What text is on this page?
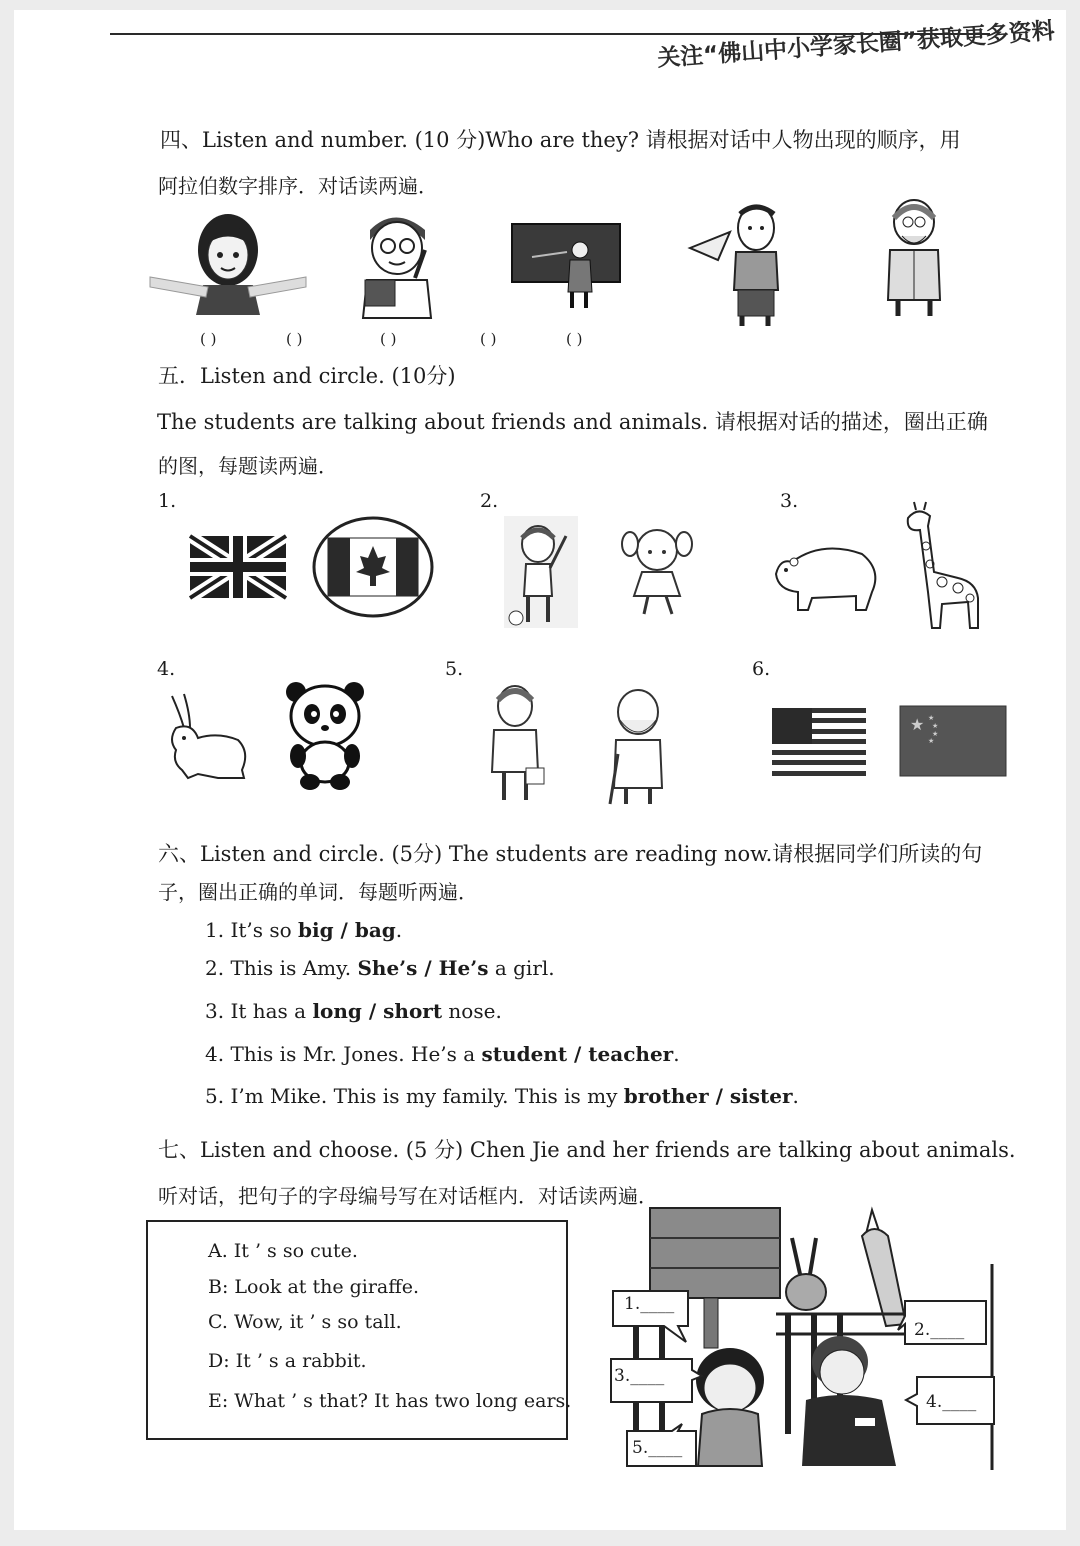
关注“佛山中小学家长圈”获取更多资料
四、Listen and number. (10 分)Who are they? 请根据对话中人物出现的顺序，用
阿拉伯数字排序．对话读两遍．
( )	( )	( )	( )	( )
五．Listen and circle. (10分)
The students are talking about friends and animals. 请根据对话的描述，圈出正确
的图，每题读两遍．
1.	2.	3.
4.	5.	6.
★ ★
★
★
★
六、Listen and circle. (5分) The students are reading now.请根据同学们所读的句
子，圈出正确的单词．每题听两遍．
1. It’s so big / bag.
2. This is Amy. She’s / He’s a girl.
3. It has a long / short nose.
4. This is Mr. Jones. He’s a student / teacher.
5. I’m Mike. This is my family. This is my brother / sister.
七、Listen and choose. (5 分) Chen Jie and her friends are talking about animals.
听对话，把句子的字母编号写在对话框内．对话读两遍．
A. It ’ s so cute.
B: Look at the giraffe.
C. Wow, it ’ s so tall.
D: It ’ s a rabbit.
E: What ’ s that? It has two long ears.
1.____
2.____
3.____
4.____
5.____
